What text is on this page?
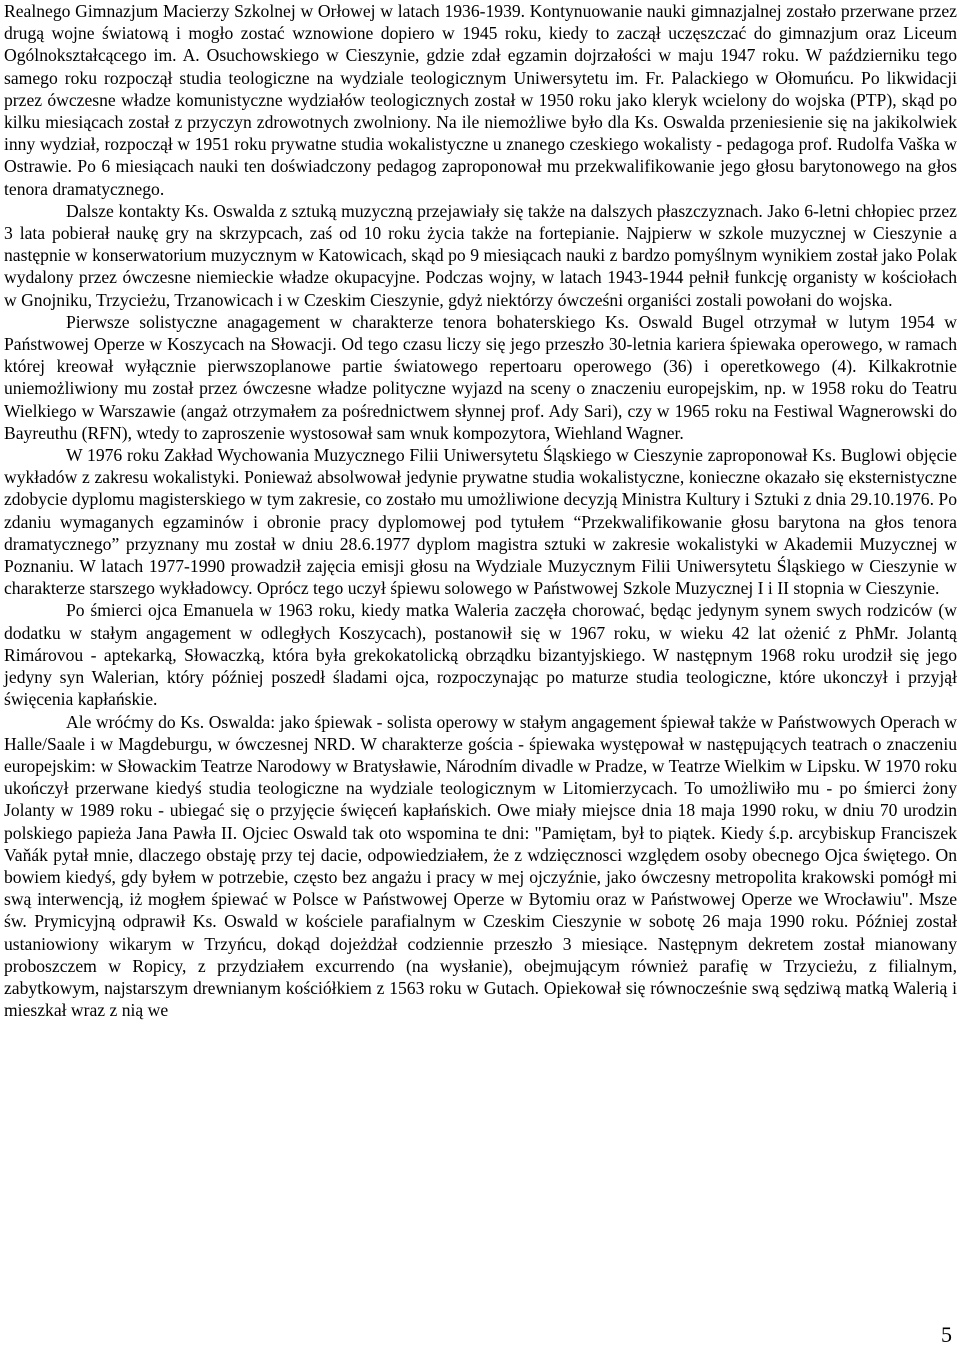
Realnego Gimnazjum Macierzy Szkolnej w Orłowej w latach 1936-1939. Kontynuowanie nauki gimnazjalnej zostało przerwane przez drugą wojne światową i mogło zostać wznowione dopiero w 1945 roku, kiedy to zaczął uczęszczać do gimnazjum oraz Liceum Ogólnokształcącego im. A. Osuchowskiego w Cieszynie, gdzie zdał egzamin dojrzałości w maju 1947 roku. W październiku tego samego roku rozpoczął studia teologiczne na wydziale teologicznym Uniwersytetu im. Fr. Palackiego w Ołomuńcu. Po likwidacji przez ówczesne władze komunistyczne wydziałów teologicznych został w 1950 roku jako kleryk wcielony do wojska (PTP), skąd po kilku miesiącach został z przyczyn zdrowotnych zwolniony. Na ile niemożliwe było dla Ks. Oswalda przeniesienie się na jakikolwiek inny wydział, rozpoczął w 1951 roku prywatne studia wokalistyczne u znanego czeskiego wokalisty - pedagoga prof. Rudolfa Vaška w Ostrawie. Po 6 miesiącach nauki ten doświadczony pedagog zaproponował mu przekwalifikowanie jego głosu barytonowego na głos tenora dramatycznego.

Dalsze kontakty Ks. Oswalda z sztuką muzyczną przejawiały się także na dalszych płaszczyznach. Jako 6-letni chłopiec przez 3 lata pobierał naukę gry na skrzypcach, zaś od 10 roku życia także na fortepianie. Najpierw w szkole muzycznej w Cieszynie a następnie w konserwatorium muzycznym w Katowicach, skąd po 9 miesiącach nauki z bardzo pomyślnym wynikiem został jako Polak wydalony przez ówczesne niemieckie władze okupacyjne. Podczas wojny, w latach 1943-1944 pełnił funkcję organisty w kościołach w Gnojniku, Trzycieżu, Trzanowicach i w Czeskim Cieszynie, gdyż niektórzy ówcześni organiści zostali powołani do wojska.

Pierwsze solistyczne anagagement w charakterze tenora bohaterskiego Ks. Oswald Bugel otrzymał w lutym 1954 w Państwowej Operze w Koszycach na Słowacji. Od tego czasu liczy się jego przeszło 30-letnia kariera śpiewaka operowego, w ramach której kreował wyłącznie pierwszoplanowe partie światowego repertoaru operowego (36) i operetkowego (4). Kilkakrotnie uniemożliwiony mu został przez ówczesne władze polityczne wyjazd na sceny o znaczeniu europejskim, np. w 1958 roku do Teatru Wielkiego w Warszawie (angaż otrzymałem za pośrednictwem słynnej prof. Ady Sari), czy w 1965 roku na Festiwal Wagnerowski do Bayreuthu (RFN), wtedy to zaproszenie wystosował sam wnuk kompozytora, Wiehland Wagner.

W 1976 roku Zakład Wychowania Muzycznego Filii Uniwersytetu Śląskiego w Cieszynie zaproponował Ks. Buglowi objęcie wykładów z zakresu wokalistyki. Ponieważ absolwował jedynie prywatne studia wokalistyczne, konieczne okazało się eksternistyczne zdobycie dyplomu magisterskiego w tym zakresie, co zostało mu umożliwione decyzją Ministra Kultury i Sztuki z dnia 29.10.1976. Po zdaniu wymaganych egzaminów i obronie pracy dyplomowej pod tytułem “Przekwalifikowanie głosu barytona na głos tenora dramatycznego” przyznany mu został w dniu 28.6.1977 dyplom magistra sztuki w zakresie wokalistyki w Akademii Muzycznej w Poznaniu. W latach 1977-1990 prowadził zajęcia emisji głosu na Wydziale Muzycznym Filii Uniwersytetu Śląskiego w Cieszynie w charakterze starszego wykładowcy. Oprócz tego uczył śpiewu solowego w Państwowej Szkole Muzycznej I i II stopnia w Cieszynie.

Po śmierci ojca Emanuela w 1963 roku, kiedy matka Waleria zaczęła chorować, będąc jedynym synem swych rodziców (w dodatku w stałym angagement w odległych Koszycach), postanowił się w 1967 roku, w wieku 42 lat ożenić z PhMr. Jolantą Rimárovou - aptekarką, Słowaczką, która była grekokatolicką obrządku bizantyjskiego. W następnym 1968 roku urodził się jego jedyny syn Walerian, który później poszedł śladami ojca, rozpoczynając po maturze studia teologiczne, które ukonczył i przyjął święcenia kapłańskie.

Ale wróćmy do Ks. Oswalda: jako śpiewak - solista operowy w stałym angagement śpiewał także w Państwowych Operach w Halle/Saale i w Magdeburgu, w ówczesnej NRD. W charakterze gościa - śpiewaka występował w następujących teatrach o znaczeniu europejskim: w Słowackim Teatrze Narodowy w Bratysławie, Národním divadle w Pradze, w Teatrze Wielkim w Lipsku. W 1970 roku ukończył przerwane kiedyś studia teologiczne na wydziale teologicznym w Litomierzycach. To umożliwiło mu - po śmierci żony Jolanty w 1989 roku - ubiegać się o przyjęcie święceń kapłańskich. Owe miały miejsce dnia 18 maja 1990 roku, w dniu 70 urodzin polskiego papieża Jana Pawła II. Ojciec Oswald tak oto wspomina te dni: "Pamiętam, był to piątek. Kiedy ś.p. arcybiskup Franciszek Vaňák pytał mnie, dlaczego obstaję przy tej dacie, odpowiedziałem, że z wdzięcznosci względem osoby obecnego Ojca świętego. On bowiem kiedyś, gdy byłem w potrzebie, często bez angażu i pracy w mej ojczyźnie, jako ówczesny metropolita krakowski pomógł mi swą interwencją, iż mogłem śpiewać w Polsce w Państwowej Operze w Bytomiu oraz w Państwowej Operze we Wrocławiu". Msze św. Prymicyjną odprawił Ks. Oswald w kościele parafialnym w Czeskim Cieszynie w sobotę 26 maja 1990 roku. Później został ustaniowiony wikarym w Trzyńcu, dokąd dojeżdżał codziennie przeszło 3 miesiące. Następnym dekretem został mianowany proboszczem w Ropicy, z przydziałem excurrendo (na wysłanie), obejmującym również parafię w Trzycieżu, z filialnym, zabytkowym, najstarszym drewnianym kościółkiem z 1563 roku w Gutach. Opiekował się równocześnie swą sędziwą matką Walerią i mieszkał wraz z nią we

5
